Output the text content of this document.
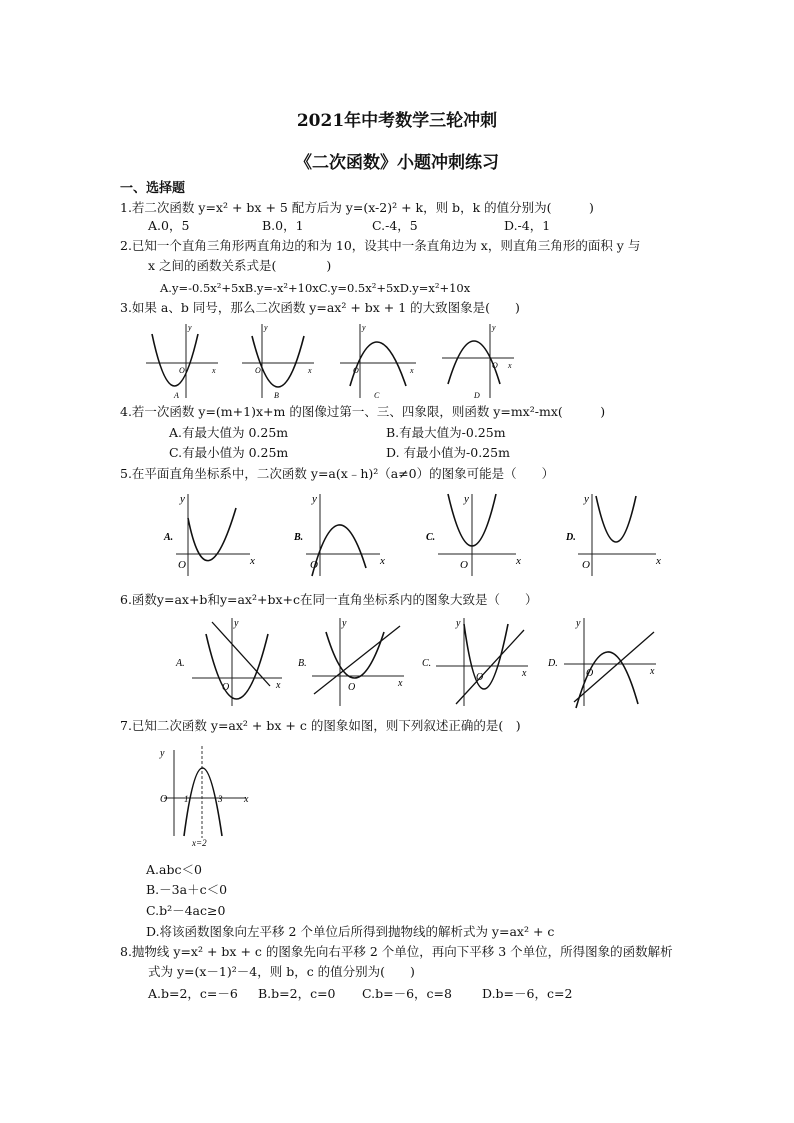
2021年中考数学三轮冲刺
《二次函数》小题冲刺练习
一、选择题
1.若二次函数 y=x² + bx + 5 配方后为 y=(x-2)² + k，则 b，k 的值分别为(　　　)
A.0，5	B.0，1	C.-4，5	D.-4，1
2.已知一个直角三角形两直角边的和为 10，设其中一条直角边为 x，则直角三角形的面积 y 与
x 之间的函数关系式是(　　　　)
A.y=-0.5x²+5xB.y=-x²+10xC.y=0.5x²+5xD.y=x²+10x
3.如果 a、b 同号，那么二次函数 y=ax² + bx + 1 的大致图象是(　　)
y
x
O
A
y
x
O
B
y
x
O
C
y
x
O
D
4.若一次函数 y=(m+1)x+m 的图像过第一、三、四象限，则函数 y=mx²-mx(　　　)
A.有最大值为 0.25m	B.有最大值为-0.25m
C.有最小值为 0.25m	D. 有最小值为-0.25m
5.在平面直角坐标系中，二次函数 y=a(x﹣h)²（a≠0）的图象可能是（　　）
A.
y
x
O
B.
y
x
O
C.
y
x
O
D.
y
x
O
6.函数y=ax+b和y=ax²+bx+c在同一直角坐标系内的图象大致是（　　）
A.
y
x
O
B.
y
x
O
C.
y
x
O
D.
y
x
O
7.已知二次函数 y=ax² + bx + c 的图象如图，则下列叙述正确的是(　)
y
x
O 1	3
x=2
A.abc＜0
B.－3a＋c＜0
C.b²－4ac≥0
D.将该函数图象向左平移 2 个单位后所得到抛物线的解析式为 y=ax² + c
8.抛物线 y=x² + bx + c 的图象先向右平移 2 个单位，再向下平移 3 个单位，所得图象的函数解析
式为 y=(x－1)²－4，则 b，c 的值分别为(　　)
A.b=2，c=－6 B.b=2，c=0 C.b=－6，c=8 D.b=－6，c=2
